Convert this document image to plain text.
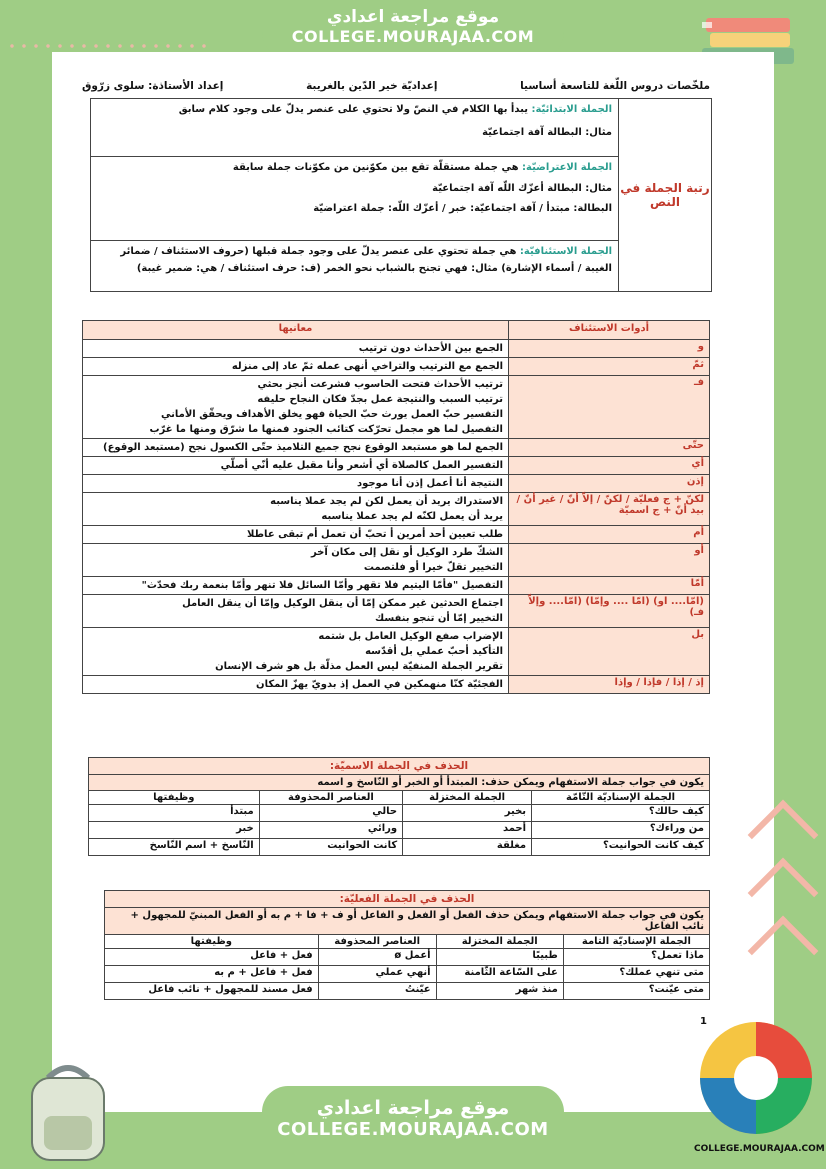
موقع مراجعة اعدادي
COLLEGE.MOURAJAA.COM
ملخّصات دروس اللّغة للتاسعة أساسيا
إعداديّة خير الدّين بالغريبة
إعداد الأستاذة: سلوى زرّوق
رتبة الجملة في النص
الجملة الابتدائيّة: يبدأ بها الكلام في النصّ ولا تحتوي على عنصر يدلّ على وجود كلام سابق
مثال: البطالة آفة اجتماعيّة
الجملة الاعتراضيّة: هي جملة مستقلّة تقع بين مكوّنين من مكوّنات جملة سابقة
مثال: البطالة أعزّك اللّه آفة اجتماعيّة
البطالة: مبتدأ / آفة اجتماعيّة: خبر / أعزّك اللّه: جملة اعتراضيّة
الجملة الاستئنافيّة: هي جملة تحتوي على عنصر يدلّ على وجود جملة قبلها (حروف الاستئناف / ضمائر الغيبة / أسماء الإشارة) مثال: فهي تجنح بالشباب نحو الخمر (ف: حرف استئناف / هي: ضمير غيبة)
أدوات الاستئناف	معانيها
و	الجمع بين الأحداث دون ترتيب

ثمّ	الجمع مع الترتيب والتراخي أنهى عمله ثمّ عاد إلى منزله

فـ	ترتيب الأحداث فتحت الحاسوب فشرعت أنجز بحثي
ترتيب السبب والنتيجة عمل بجدّ فكان النجاح حليفه
التفسير حبّ العمل يورث حبّ الحياة فهو يخلق الأهداف ويحقّق الأماني
التفصيل لما هو مجمل تحرّكت كتائب الجنود فمنها ما شرّق ومنها ما غرّب

حتّى	الجمع لما هو مستبعد الوقوع نجح جميع التلاميذ حتّى الكسول نجح (مستبعد الوقوع)

أي	التفسير العمل كالصلاة أي أشعر وأنا مقبل عليه أنّي أصلّي

إذن	النتيجة أنا أعمل إذن أنا موجود

لكنّ + ج فعليّة / لكنّ / إلاّ أنّ / غير أنّ /بيد أنّ + ج اسميّة	الاستدراك يريد أن يعمل لكن لم يجد عملا يناسبه
يريد أن يعمل لكنّه لم يجد عملا يناسبه

أم	طلب تعيين أحد أمرين أ تحبّ أن تعمل أم تبقى عاطلا

أو	الشكّ طرد الوكيل أو نقل إلى مكان آخر
التخيير تقلّ خيرا أو فلتصمت

أمّا	التفصيل "فأمّا اليتيم فلا تقهر وأمّا السائل فلا تنهر وأمّا بنعمة ربك فحدّث"

(امّا.... او) (امّا .... وإمّا) (امّا.... وإلاّ فـ)	اجتماع الحدثين غير ممكن إمّا أن ينقل الوكيل وإمّا أن ينقل العامل
التخيير إمّا أن تنجو بنفسك

بل	الإضراب صفع الوكيل العامل بل شتمه
التأكيد أحبّ عملي بل أقدّسه
تقرير الجملة المنفيّة ليس العمل مذلّة بل هو شرف الإنسان

إذ / إذا / فإذا / وإذا	الفجئيّة كنّا منهمكين في العمل إذ بدويّ يهزّ المكان
الحذف في الجملة الاسميّة:
يكون في جواب جملة الاستفهام ويمكن حذف: المبتدأ أو الخبر أو النّاسخ و اسمه
الجملة الإسناديّة التّامّة	الجملة المختزلة	العناصر المحذوفة	وظيفتها
كيف حالك؟	بخير	حالي	مبتدأ
من وراءك؟	أحمد	ورائي	خبر
كيف كانت الحوانيت؟	مغلقة	كانت الحوانيت	النّاسخ + اسم النّاسخ
الحذف في الجملة الفعليّة:
يكون في جواب جملة الاستفهام ويمكن حذف الفعل أو الفعل و الفاعل أو ف + فا + م به أو الفعل المبنيّ للمجهول + نائب الفاعل
الجملة الإسناديّة التامة	الجملة المختزلة	العناصر المحذوفة	وظيفتها
ماذا تعمل؟	طبيبًا	أعمل ø	فعل + فاعل
متى تنهي عملك؟	على السّاعة الثّامنة	أنهي عملي	فعل + فاعل + م به
متى عيّنت؟	منذ شهر	عيّنتُ	فعل مسند للمجهول + نائب فاعل
1
COLLEGE.MOURAJAA.COM
موقع مراجعة اعدادي
COLLEGE.MOURAJAA.COM
